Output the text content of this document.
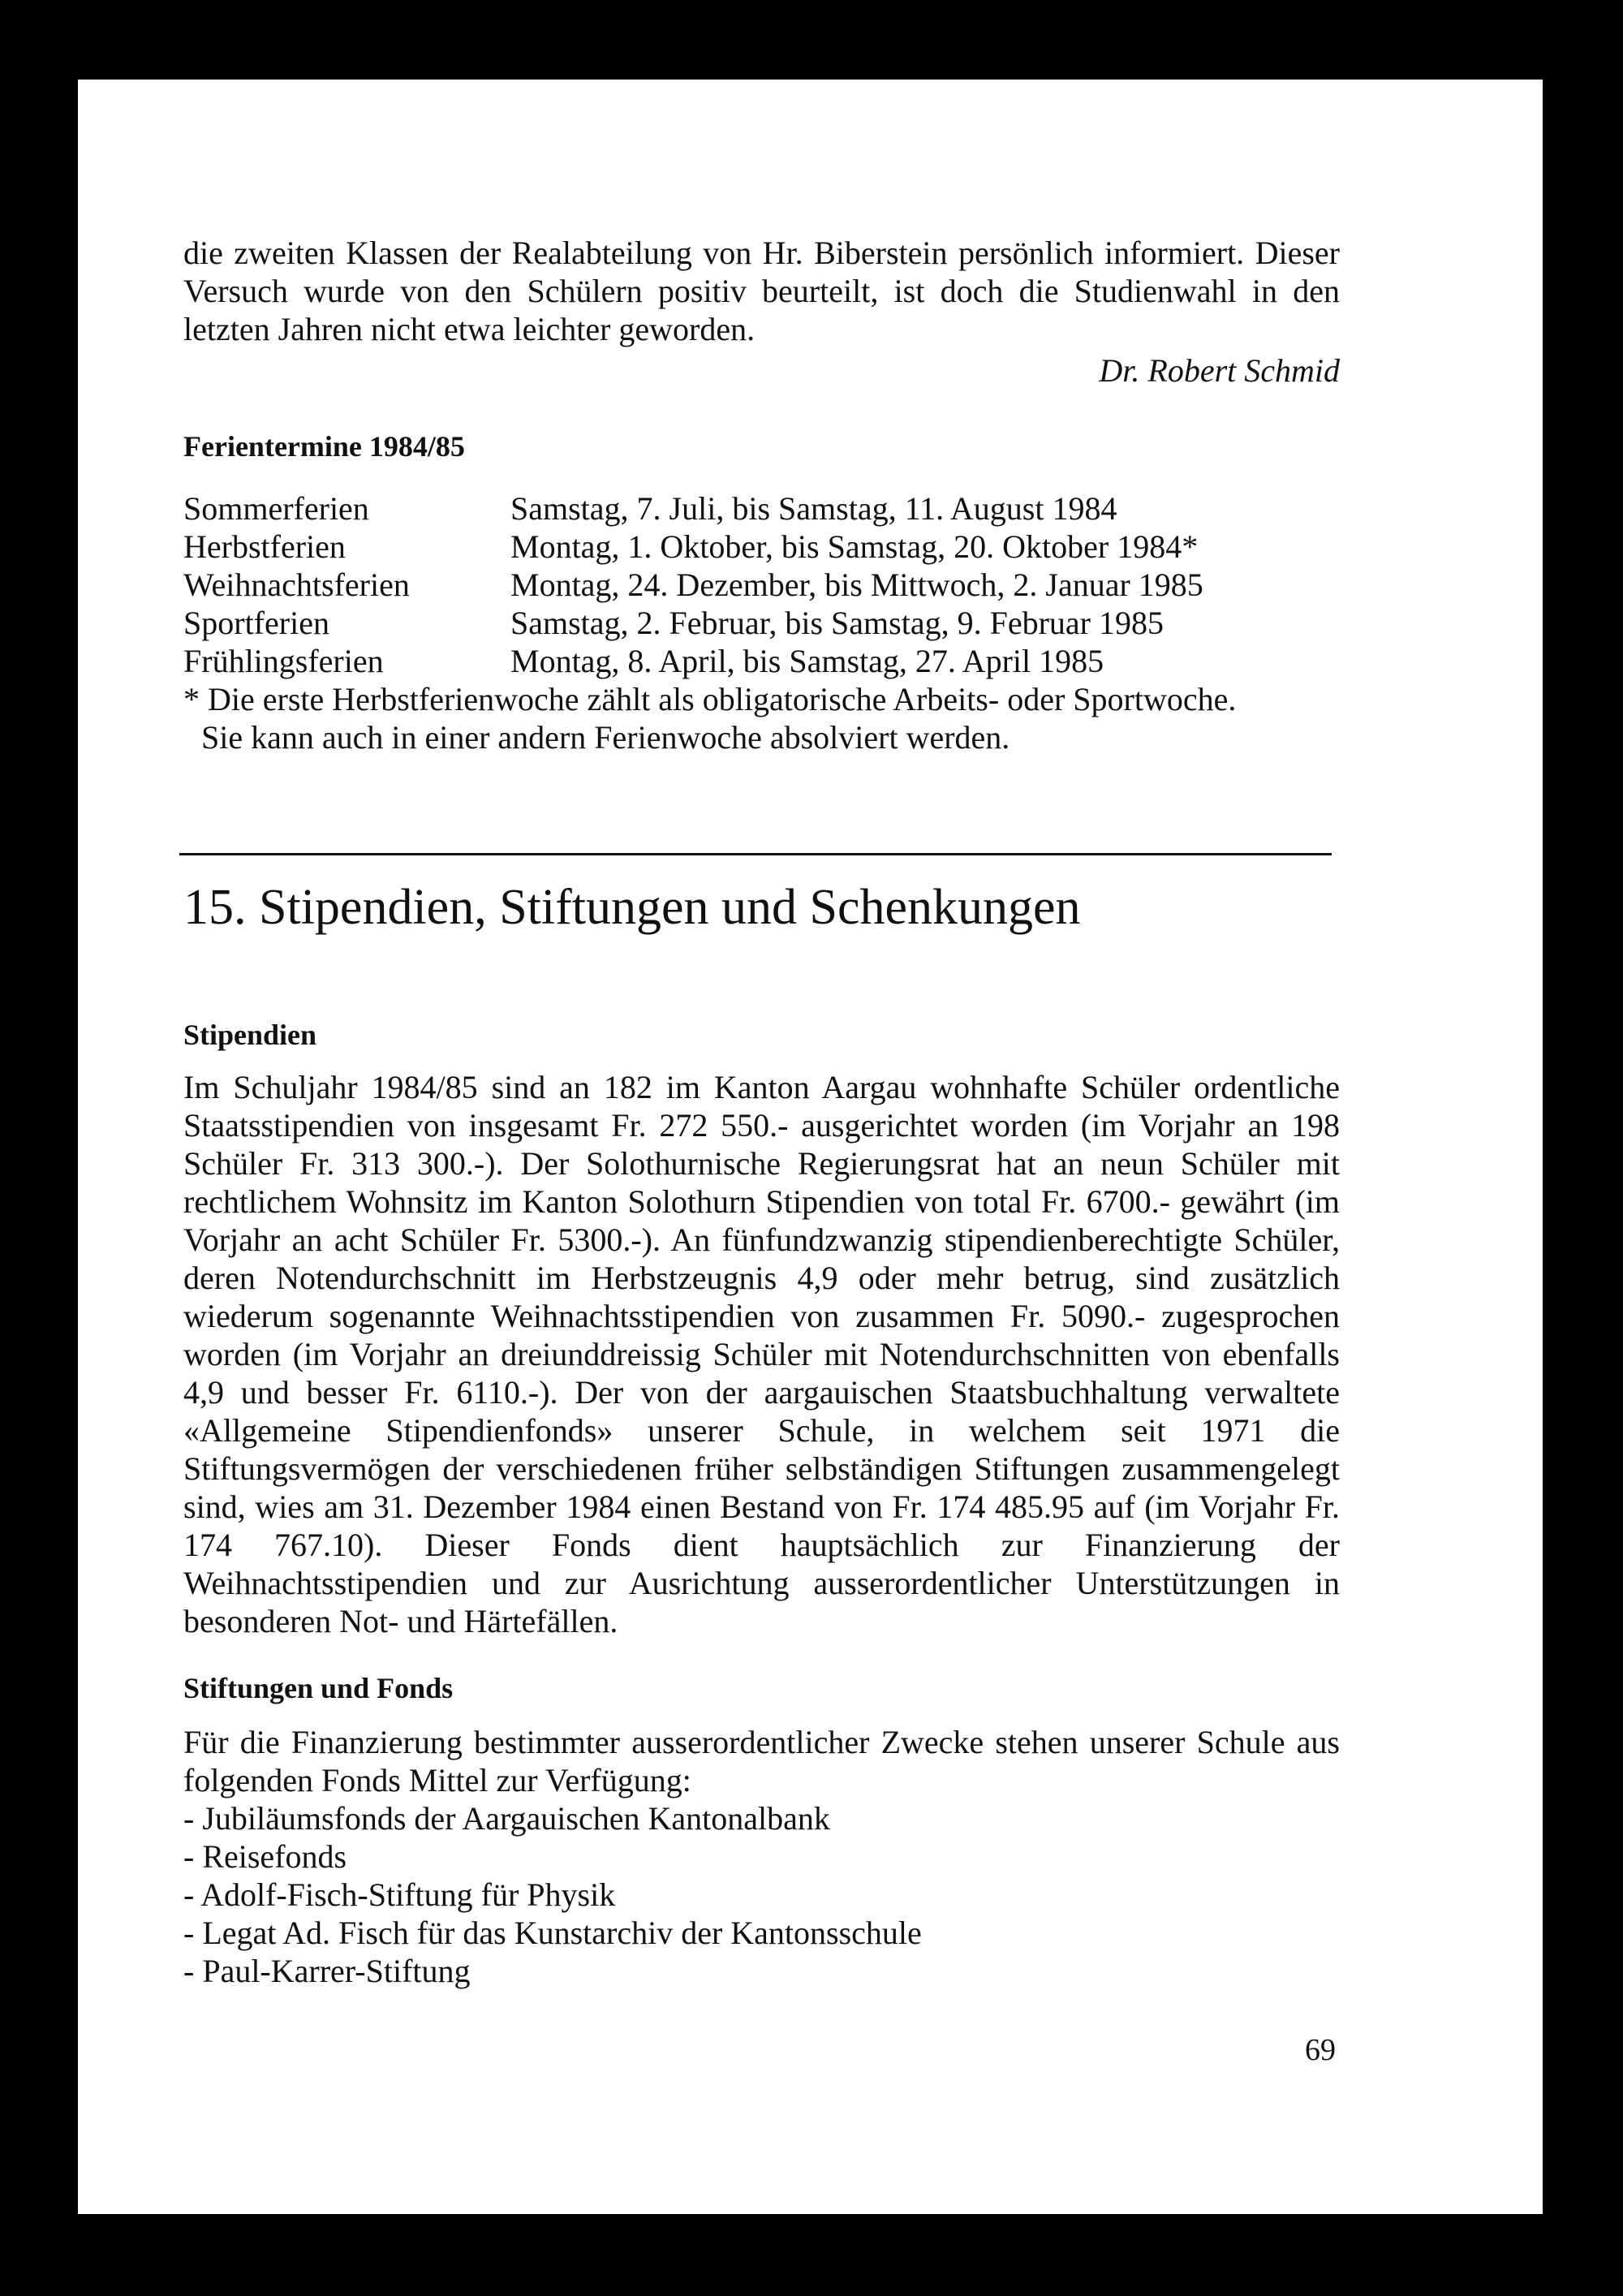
die zweiten Klassen der Realabteilung von Hr. Biberstein persönlich informiert. Dieser Versuch wurde von den Schülern positiv beurteilt, ist doch die Studienwahl in den letzten Jahren nicht etwa leichter geworden.

Dr. Robert Schmid
Ferientermine 1984/85
Sommerferien	Samstag, 7. Juli, bis Samstag, 11. August 1984
Herbstferien	Montag, 1. Oktober, bis Samstag, 20. Oktober 1984*
Weihnachtsferien	Montag, 24. Dezember, bis Mittwoch, 2. Januar 1985
Sportferien	Samstag, 2. Februar, bis Samstag, 9. Februar 1985
Frühlingsferien	Montag, 8. April, bis Samstag, 27. April 1985
* Die erste Herbstferienwoche zählt als obligatorische Arbeits- oder Sportwoche.
Sie kann auch in einer andern Ferienwoche absolviert werden.
15. Stipendien, Stiftungen und Schenkungen
Stipendien

Im Schuljahr 1984/85 sind an 182 im Kanton Aargau wohnhafte Schüler ordentliche Staatsstipendien von insgesamt Fr. 272 550.- ausgerichtet worden (im Vorjahr an 198 Schüler Fr. 313 300.-). Der Solothurnische Regierungsrat hat an neun Schüler mit rechtlichem Wohnsitz im Kanton Solothurn Stipendien von total Fr. 6700.- gewährt (im Vorjahr an acht Schüler Fr. 5300.-). An fünfundzwanzig stipendienberechtigte Schüler, deren Notendurchschnitt im Herbstzeugnis 4,9 oder mehr betrug, sind zusätzlich wiederum sogenannte Weihnachtsstipendien von zusammen Fr. 5090.- zugesprochen worden (im Vorjahr an dreiunddreissig Schüler mit Notendurchschnitten von ebenfalls 4,9 und besser Fr. 6110.-). Der von der aargauischen Staatsbuchhaltung verwaltete «Allgemeine Stipendienfonds» unserer Schule, in welchem seit 1971 die Stiftungsvermögen der verschiedenen früher selbständigen Stiftungen zusammengelegt sind, wies am 31. Dezember 1984 einen Bestand von Fr. 174 485.95 auf (im Vorjahr Fr. 174 767.10). Dieser Fonds dient hauptsächlich zur Finanzierung der Weihnachtsstipendien und zur Ausrichtung ausserordentlicher Unterstützungen in besonderen Not- und Härtefällen.

Stiftungen und Fonds

Für die Finanzierung bestimmter ausserordentlicher Zwecke stehen unserer Schule aus folgenden Fonds Mittel zur Verfügung:

- Jubiläumsfonds der Aargauischen Kantonalbank
- Reisefonds
- Adolf-Fisch-Stiftung für Physik
- Legat Ad. Fisch für das Kunstarchiv der Kantonsschule
- Paul-Karrer-Stiftung
69
